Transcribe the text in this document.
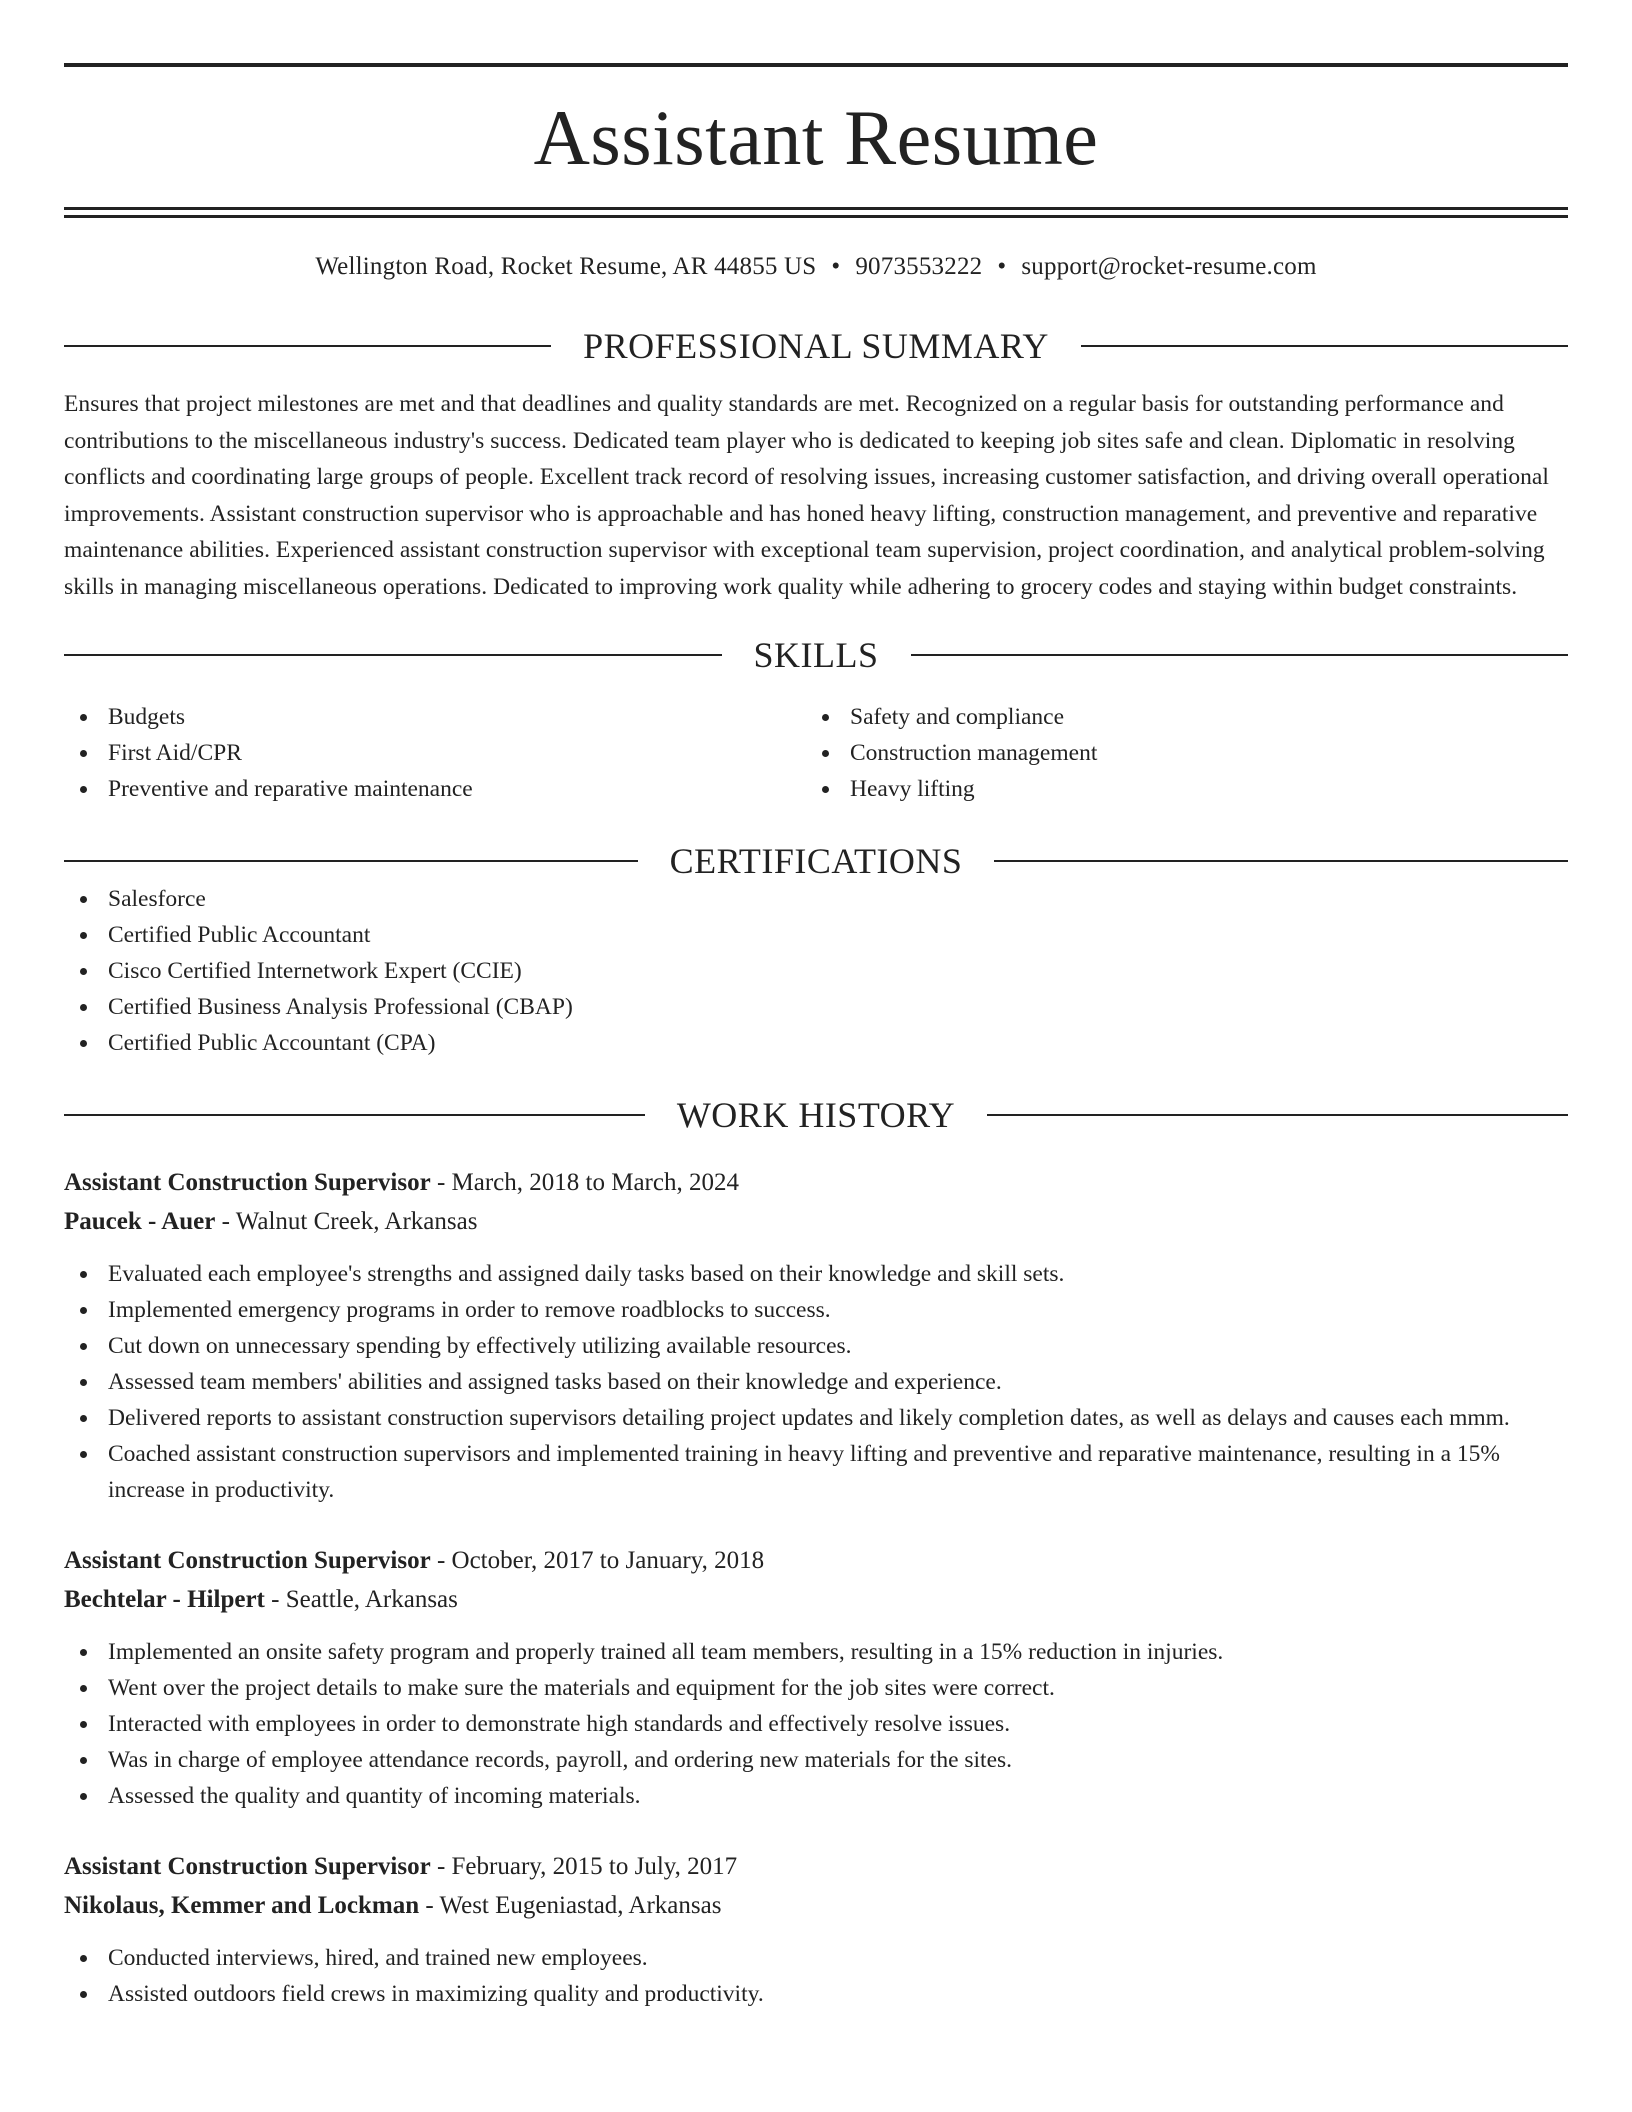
Assistant Resume
Wellington Road, Rocket Resume, AR 44855 US • 9073553222 • support@rocket-resume.com
PROFESSIONAL SUMMARY
Ensures that project milestones are met and that deadlines and quality standards are met. Recognized on a regular basis for outstanding performance and contributions to the miscellaneous industry's success. Dedicated team player who is dedicated to keeping job sites safe and clean. Diplomatic in resolving conflicts and coordinating large groups of people. Excellent track record of resolving issues, increasing customer satisfaction, and driving overall operational improvements. Assistant construction supervisor who is approachable and has honed heavy lifting, construction management, and preventive and reparative maintenance abilities. Experienced assistant construction supervisor with exceptional team supervision, project coordination, and analytical problem-solving skills in managing miscellaneous operations. Dedicated to improving work quality while adhering to grocery codes and staying within budget constraints.
SKILLS
Budgets
First Aid/CPR
Preventive and reparative maintenance
Safety and compliance
Construction management
Heavy lifting
CERTIFICATIONS
Salesforce
Certified Public Accountant
Cisco Certified Internetwork Expert (CCIE)
Certified Business Analysis Professional (CBAP)
Certified Public Accountant (CPA)
WORK HISTORY
Assistant Construction Supervisor - March, 2018 to March, 2024
Paucek - Auer - Walnut Creek, Arkansas
Evaluated each employee's strengths and assigned daily tasks based on their knowledge and skill sets.
Implemented emergency programs in order to remove roadblocks to success.
Cut down on unnecessary spending by effectively utilizing available resources.
Assessed team members' abilities and assigned tasks based on their knowledge and experience.
Delivered reports to assistant construction supervisors detailing project updates and likely completion dates, as well as delays and causes each mmm.
Coached assistant construction supervisors and implemented training in heavy lifting and preventive and reparative maintenance, resulting in a 15% increase in productivity.
Assistant Construction Supervisor - October, 2017 to January, 2018
Bechtelar - Hilpert - Seattle, Arkansas
Implemented an onsite safety program and properly trained all team members, resulting in a 15% reduction in injuries.
Went over the project details to make sure the materials and equipment for the job sites were correct.
Interacted with employees in order to demonstrate high standards and effectively resolve issues.
Was in charge of employee attendance records, payroll, and ordering new materials for the sites.
Assessed the quality and quantity of incoming materials.
Assistant Construction Supervisor - February, 2015 to July, 2017
Nikolaus, Kemmer and Lockman - West Eugeniastad, Arkansas
Conducted interviews, hired, and trained new employees.
Assisted outdoors field crews in maximizing quality and productivity.
